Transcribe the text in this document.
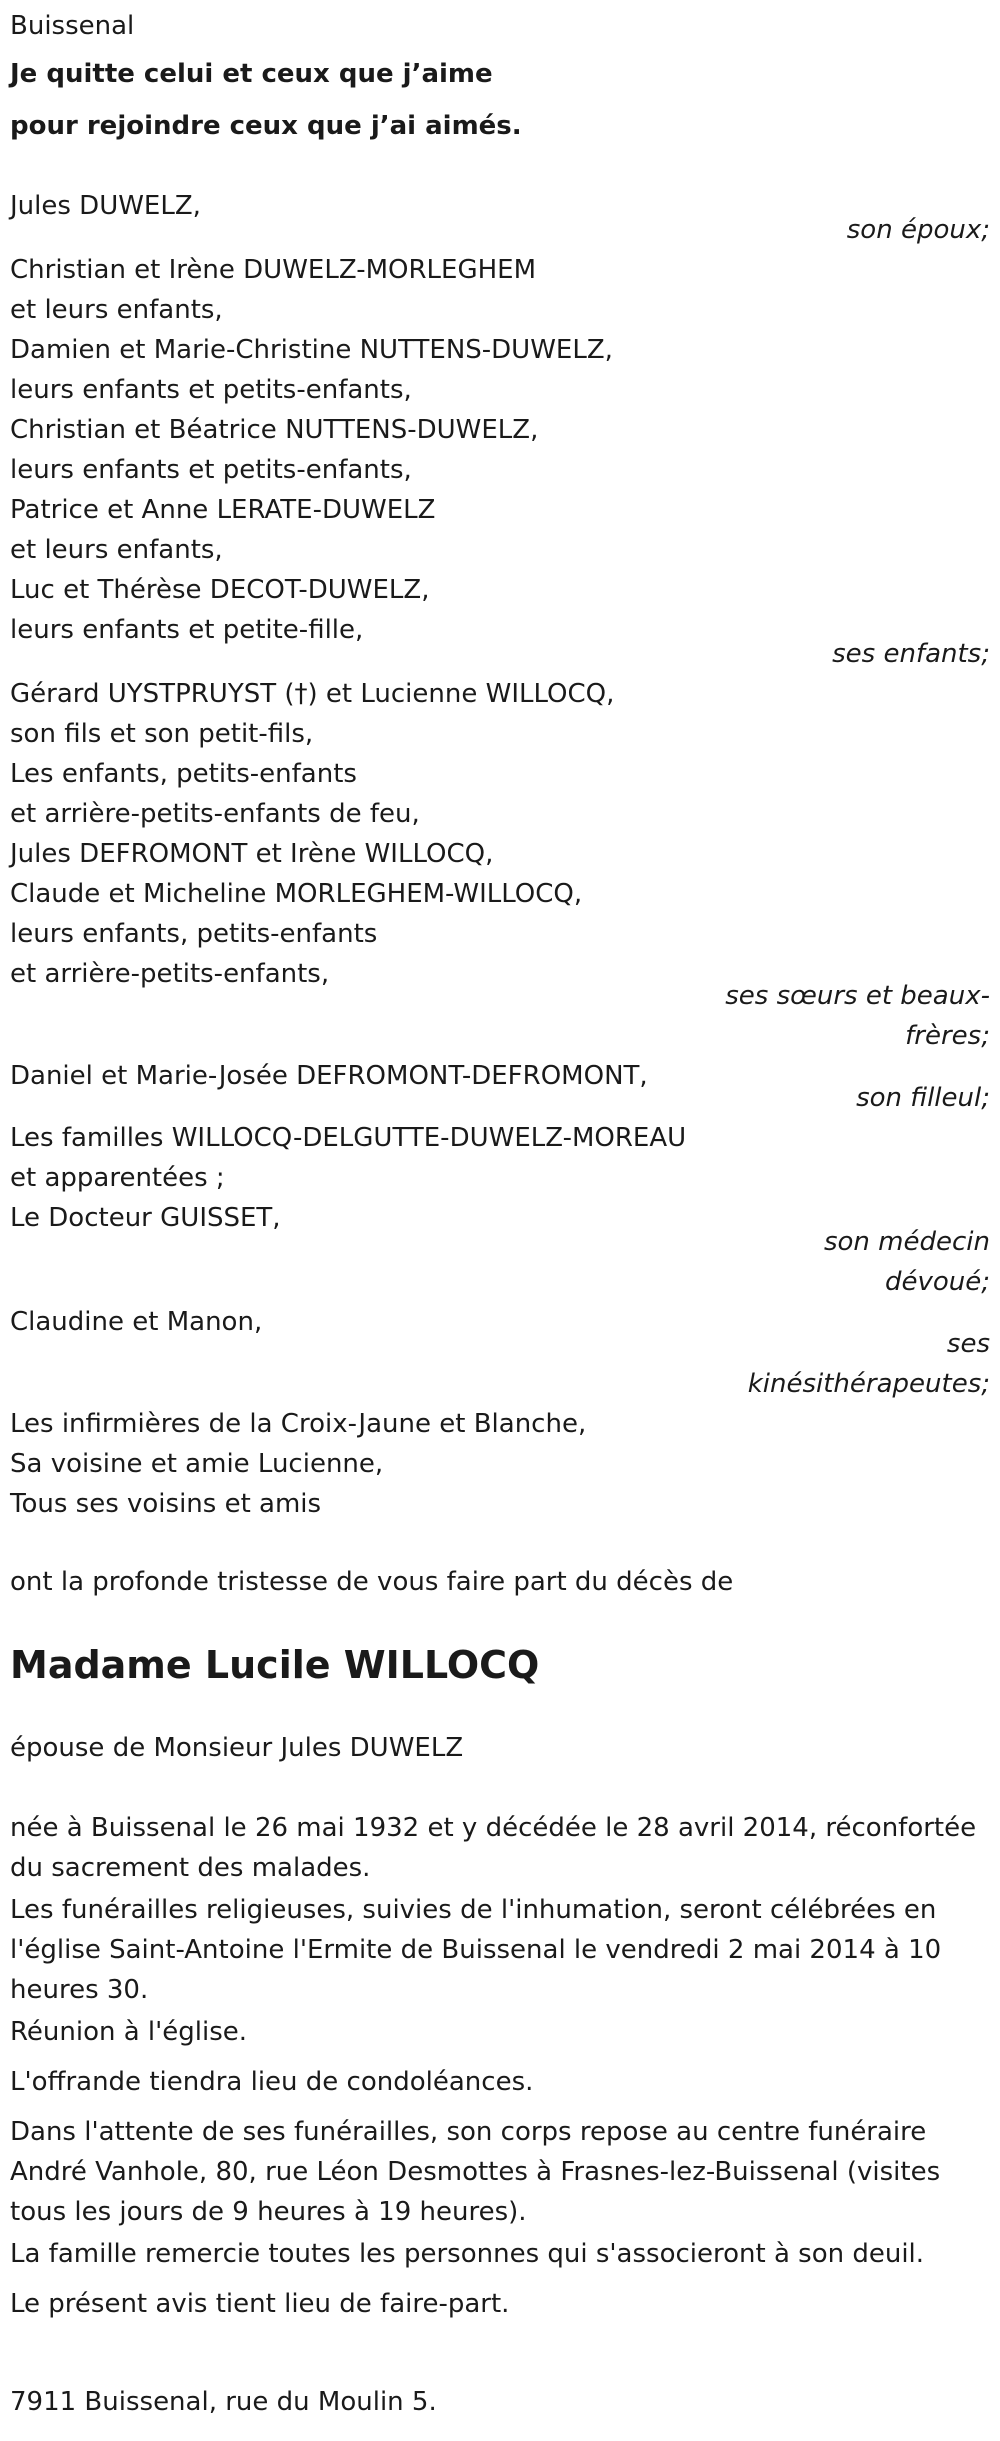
Buissenal
Je quitte celui et ceux que j’aime
pour rejoindre ceux que j’ai aimés.
Jules DUWELZ,
son époux;
Christian et Irène DUWELZ-MORLEGHEM
et leurs enfants,
Damien et Marie-Christine NUTTENS-DUWELZ,
leurs enfants et petits-enfants,
Christian et Béatrice NUTTENS-DUWELZ,
leurs enfants et petits-enfants,
Patrice et Anne LERATE-DUWELZ
et leurs enfants,
Luc et Thérèse DECOT-DUWELZ,
leurs enfants et petite-fille,
ses enfants;
Gérard UYSTPRUYST (†) et Lucienne WILLOCQ,
son fils et son petit-fils,
Les enfants, petits-enfants
et arrière-petits-enfants de feu,
Jules DEFROMONT et Irène WILLOCQ,
Claude et Micheline MORLEGHEM-WILLOCQ,
leurs enfants, petits-enfants
et arrière-petits-enfants,
ses sœurs et beaux-
frères;
Daniel et Marie-Josée DEFROMONT-DEFROMONT,
son filleul;
Les familles WILLOCQ-DELGUTTE-DUWELZ-MOREAU
et apparentées ;
Le Docteur GUISSET,
son médecin
dévoué;
Claudine et Manon,
ses
kinésithérapeutes;
Les infirmières de la Croix-Jaune et Blanche,
Sa voisine et amie Lucienne,
Tous ses voisins et amis
ont la profonde tristesse de vous faire part du décès de
Madame Lucile WILLOCQ
épouse de Monsieur Jules DUWELZ
née à Buissenal le 26 mai 1932 et y décédée le 28 avril 2014, réconfortée du sacrement des malades.
Les funérailles religieuses, suivies de l'inhumation, seront célébrées en l'église Saint-Antoine l'Ermite de Buissenal le vendredi 2 mai 2014 à 10 heures 30.
Réunion à l'église.
L'offrande tiendra lieu de condoléances.
Dans l'attente de ses funérailles, son corps repose au centre funéraire André Vanhole, 80, rue Léon Desmottes à Frasnes-lez-Buissenal (visites tous les jours de 9 heures à 19 heures).
La famille remercie toutes les personnes qui s'associeront à son deuil.
Le présent avis tient lieu de faire-part.
7911 Buissenal, rue du Moulin 5.
